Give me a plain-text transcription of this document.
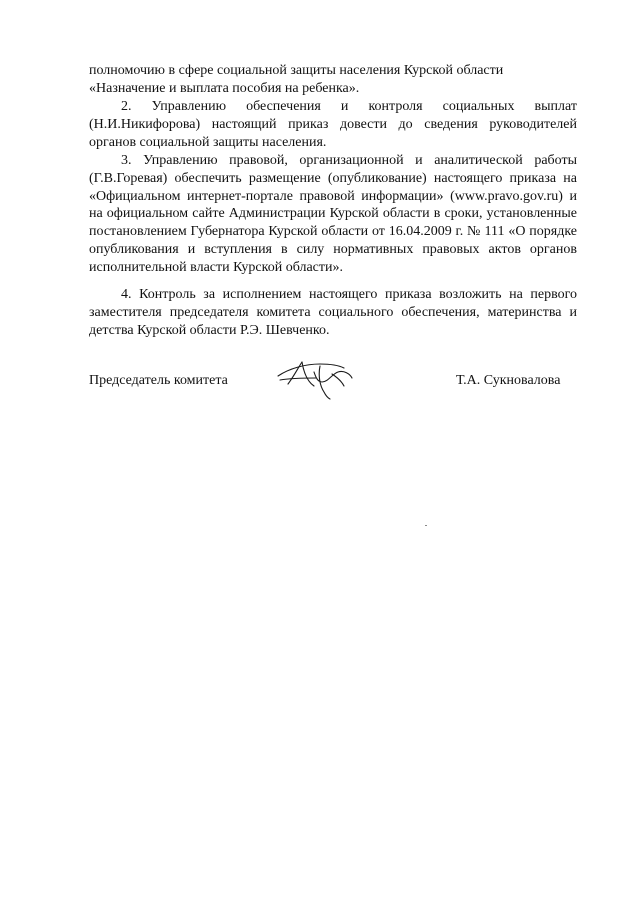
полномочию в сфере социальной защиты населения Курской области
«Назначение и выплата пособия на ребенка».

2. Управлению обеспечения и контроля социальных выплат (Н.И.Никифорова) настоящий приказ довести до сведения руководителей органов социальной защиты населения.

3. Управлению правовой, организационной и аналитической работы (Г.В.Горевая) обеспечить размещение (опубликование) настоящего приказа на «Официальном интернет-портале правовой информации» (www.pravo.gov.ru) и на официальном сайте Администрации Курской области в сроки, установленные постановлением Губернатора Курской области от 16.04.2009 г. № 111 «О порядке опубликования и вступления в силу нормативных правовых актов органов исполнительной власти Курской области».

4. Контроль за исполнением настоящего приказа возложить на первого заместителя председателя комитета социального обеспечения, материнства и детства Курской области Р.Э. Шевченко.

Председатель комитета	Т.А. Сукновалова
